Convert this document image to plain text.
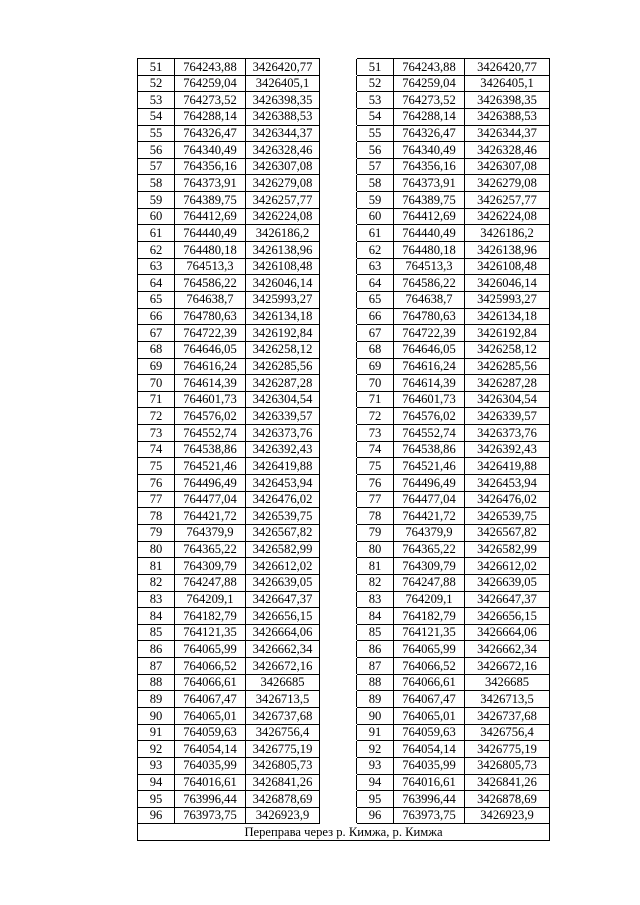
51	764243,88	3426420,77		51	764243,88	3426420,77
52	764259,04	3426405,1		52	764259,04	3426405,1
53	764273,52	3426398,35		53	764273,52	3426398,35
54	764288,14	3426388,53		54	764288,14	3426388,53
55	764326,47	3426344,37		55	764326,47	3426344,37
56	764340,49	3426328,46		56	764340,49	3426328,46
57	764356,16	3426307,08		57	764356,16	3426307,08
58	764373,91	3426279,08		58	764373,91	3426279,08
59	764389,75	3426257,77		59	764389,75	3426257,77
60	764412,69	3426224,08		60	764412,69	3426224,08
61	764440,49	3426186,2		61	764440,49	3426186,2
62	764480,18	3426138,96		62	764480,18	3426138,96
63	764513,3	3426108,48		63	764513,3	3426108,48
64	764586,22	3426046,14		64	764586,22	3426046,14
65	764638,7	3425993,27		65	764638,7	3425993,27
66	764780,63	3426134,18		66	764780,63	3426134,18
67	764722,39	3426192,84		67	764722,39	3426192,84
68	764646,05	3426258,12		68	764646,05	3426258,12
69	764616,24	3426285,56		69	764616,24	3426285,56
70	764614,39	3426287,28		70	764614,39	3426287,28
71	764601,73	3426304,54		71	764601,73	3426304,54
72	764576,02	3426339,57		72	764576,02	3426339,57
73	764552,74	3426373,76		73	764552,74	3426373,76
74	764538,86	3426392,43		74	764538,86	3426392,43
75	764521,46	3426419,88		75	764521,46	3426419,88
76	764496,49	3426453,94		76	764496,49	3426453,94
77	764477,04	3426476,02		77	764477,04	3426476,02
78	764421,72	3426539,75		78	764421,72	3426539,75
79	764379,9	3426567,82		79	764379,9	3426567,82
80	764365,22	3426582,99		80	764365,22	3426582,99
81	764309,79	3426612,02		81	764309,79	3426612,02
82	764247,88	3426639,05		82	764247,88	3426639,05
83	764209,1	3426647,37		83	764209,1	3426647,37
84	764182,79	3426656,15		84	764182,79	3426656,15
85	764121,35	3426664,06		85	764121,35	3426664,06
86	764065,99	3426662,34		86	764065,99	3426662,34
87	764066,52	3426672,16		87	764066,52	3426672,16
88	764066,61	3426685		88	764066,61	3426685
89	764067,47	3426713,5		89	764067,47	3426713,5
90	764065,01	3426737,68		90	764065,01	3426737,68
91	764059,63	3426756,4		91	764059,63	3426756,4
92	764054,14	3426775,19		92	764054,14	3426775,19
93	764035,99	3426805,73		93	764035,99	3426805,73
94	764016,61	3426841,26		94	764016,61	3426841,26
95	763996,44	3426878,69		95	763996,44	3426878,69
96	763973,75	3426923,9		96	763973,75	3426923,9
Переправа через р. Кимжа, р. Кимжа						
